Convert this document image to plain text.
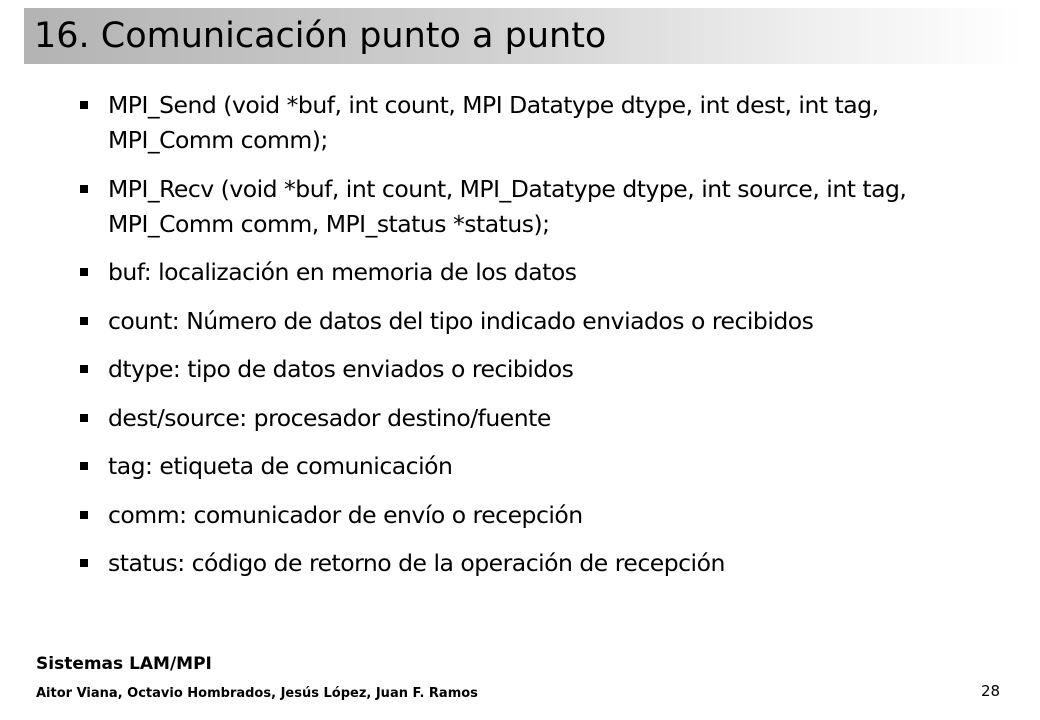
16. Comunicación punto a punto
MPI_Send (void *buf, int count, MPI Datatype dtype, int dest, int tag, MPI_Comm comm);
MPI_Recv (void *buf, int count, MPI_Datatype dtype, int source, int tag, MPI_Comm comm, MPI_status *status);
buf: localización en memoria de los datos
count: Número de datos del tipo indicado enviados o recibidos
dtype: tipo de datos enviados o recibidos
dest/source: procesador destino/fuente
tag: etiqueta de comunicación
comm: comunicador de envío o recepción
status: código de retorno de la operación de recepción
Sistemas LAM/MPI
Aitor Viana, Octavio Hombrados, Jesús López, Juan F. Ramos	28
